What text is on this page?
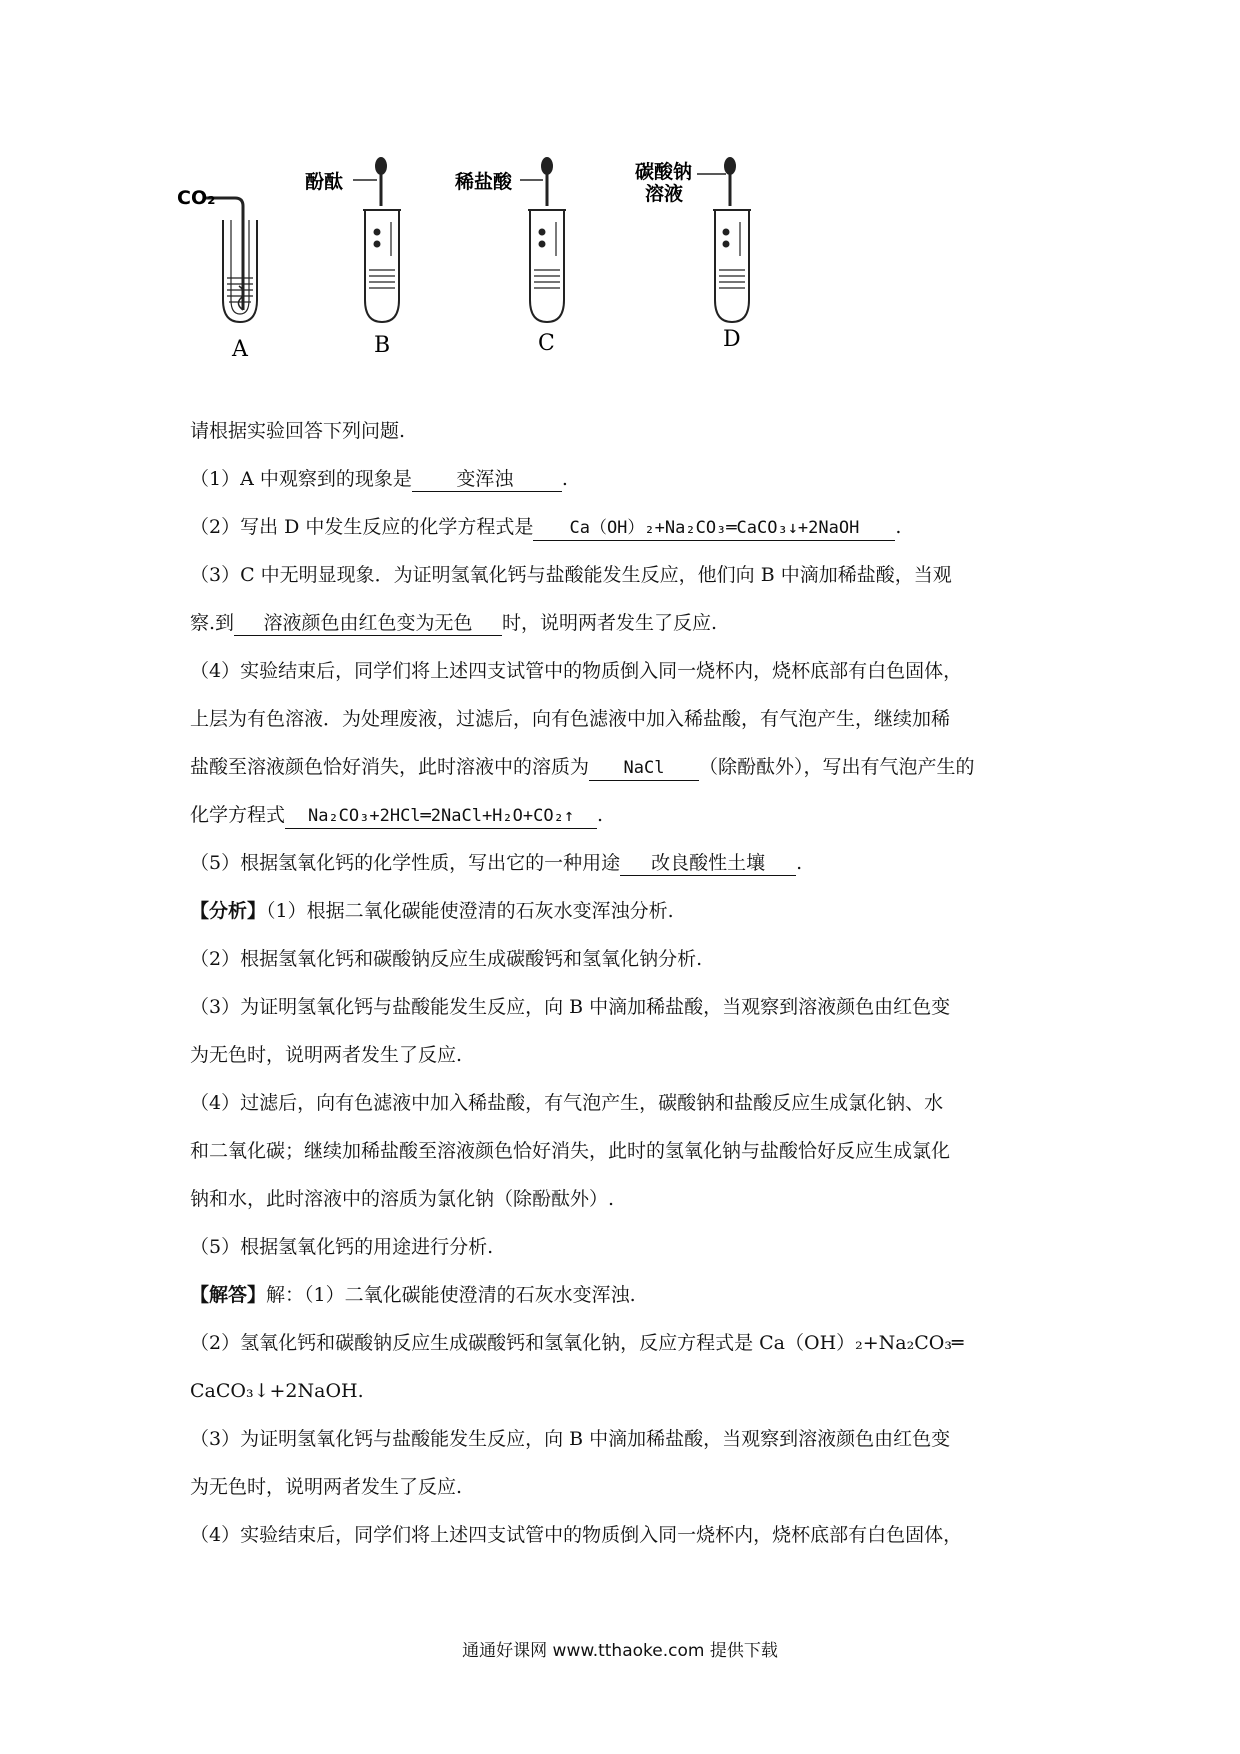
CO₂
酚酞	稀盐酸	碳酸钠
溶液
A	B	C	D
请根据实验回答下列问题.
（1）A 中观察到的现象是 变浑浊	.
（2）写出 D 中发生反应的化学方程式是 Ca（OH）₂+Na₂CO₃═CaCO₃↓+2NaOH .
（3）C 中无明显现象．为证明氢氧化钙与盐酸能发生反应，他们向 B 中滴加稀盐酸，当观
察.到 溶液颜色由红色变为无色 时，说明两者发生了反应.
（4）实验结束后，同学们将上述四支试管中的物质倒入同一烧杯内，烧杯底部有白色固体，
上层为有色溶液．为处理废液，过滤后，向有色滤液中加入稀盐酸，有气泡产生，继续加稀
盐酸至溶液颜色恰好消失，此时溶液中的溶质为 NaCl （除酚酞外），写出有气泡产生的
化学方程式 Na₂CO₃+2HCl═2NaCl+H₂O+CO₂↑ .
（5）根据氢氧化钙的化学性质，写出它的一种用途 改良酸性土壤 .
【分析】（1）根据二氧化碳能使澄清的石灰水变浑浊分析.
（2）根据氢氧化钙和碳酸钠反应生成碳酸钙和氢氧化钠分析.
（3）为证明氢氧化钙与盐酸能发生反应，向 B 中滴加稀盐酸，当观察到溶液颜色由红色变
为无色时，说明两者发生了反应.
（4）过滤后，向有色滤液中加入稀盐酸，有气泡产生，碳酸钠和盐酸反应生成氯化钠、水
和二氧化碳；继续加稀盐酸至溶液颜色恰好消失，此时的氢氧化钠与盐酸恰好反应生成氯化
钠和水，此时溶液中的溶质为氯化钠（除酚酞外）.
（5）根据氢氧化钙的用途进行分析.
【解答】解：（1）二氧化碳能使澄清的石灰水变浑浊.
（2）氢氧化钙和碳酸钠反应生成碳酸钙和氢氧化钠，反应方程式是 Ca（OH）₂+Na₂CO₃═
CaCO₃↓+2NaOH.
（3）为证明氢氧化钙与盐酸能发生反应，向 B 中滴加稀盐酸，当观察到溶液颜色由红色变
为无色时，说明两者发生了反应.
（4）实验结束后，同学们将上述四支试管中的物质倒入同一烧杯内，烧杯底部有白色固体，
通通好课网 www.tthaoke.com 提供下载
